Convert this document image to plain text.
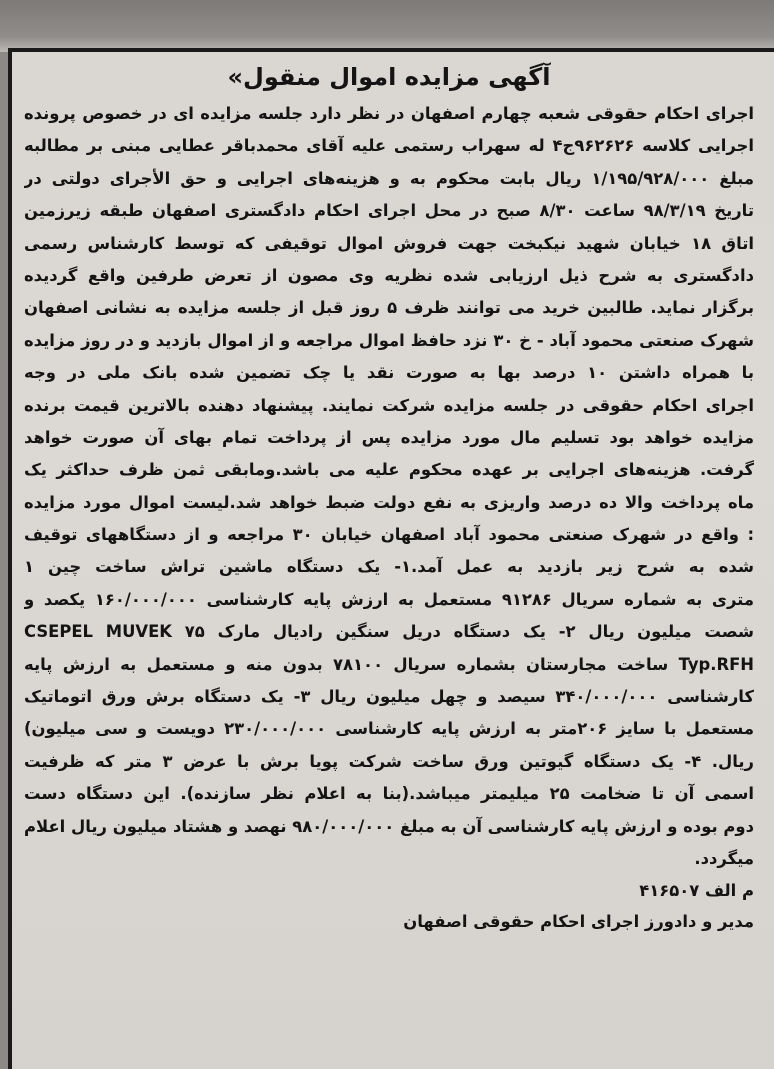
آگهی مزایده اموال منقول»
اجرای احکام حقوقی شعبه چهارم اصفهان در نظر دارد جلسه مزایده ای در خصوص پرونده
اجرایی کلاسه ۹۶۲۶۲۶ج۴ له سهراب رستمی علیه آقای محمدباقر عطایی مبنی بر مطالبه
مبلغ ۱/۱۹۵/۹۲۸/۰۰۰ ریال بابت محکوم به و هزینه‌های اجرایی و حق الأجرای دولتی در
تاریخ ۹۸/۳/۱۹ ساعت ۸/۳۰ صبح در محل اجرای احکام دادگستری اصفهان طبقه زیرزمین
اتاق ۱۸ خیابان شهید نیکبخت جهت فروش اموال توقیفی که توسط کارشناس رسمی
دادگستری به شرح ذیل ارزیابی شده نظریه وی مصون از تعرض طرفین واقع گردیده
برگزار نماید. طالبین خرید می توانند ظرف ۵ روز قبل از جلسه مزایده به نشانی اصفهان
شهرک صنعتی محمود آباد - خ ۳۰ نزد حافظ اموال مراجعه و از اموال بازدید و در روز مزایده
با همراه داشتن ۱۰ درصد بها به صورت نقد یا چک تضمین شده بانک ملی در وجه
اجرای احکام حقوقی در جلسه مزایده شرکت نمایند. پیشنهاد دهنده بالاترین قیمت برنده
مزایده خواهد بود تسلیم مال مورد مزایده پس از پرداخت تمام بهای آن صورت خواهد
گرفت. هزینه‌های اجرایی بر عهده محکوم علیه می باشد.ومابقی ثمن ظرف حداکثر یک
ماه پرداخت والا ده درصد واریزی به نفع دولت ضبط خواهد شد.لیست اموال مورد مزایده
: واقع در شهرک صنعتی محمود آباد اصفهان خیابان ۳۰ مراجعه و از دستگاههای توقیف
شده به شرح زیر بازدید به عمل آمد.۱- یک دستگاه ماشین تراش ساخت چین ۱
متری به شماره سریال ۹۱۲۸۶ مستعمل به ارزش پایه کارشناسی ۱۶۰/۰۰۰/۰۰۰ یکصد و
شصت میلیون ریال ۲- یک دستگاه دریل سنگین رادیال مارک CSEPEL MUVEK ۷۵
Typ.RFH ساخت مجارستان بشماره سریال ۷۸۱۰۰ بدون منه و مستعمل به ارزش پایه
کارشناسی ۳۴۰/۰۰۰/۰۰۰ سیصد و چهل میلیون ریال ۳- یک دستگاه برش ورق اتوماتیک
مستعمل با سایز ۲۰۶متر به ارزش پایه کارشناسی ۲۳۰/۰۰۰/۰۰۰ دویست و سی میلیون)
ریال. ۴- یک دستگاه گیوتین ورق ساخت شرکت پویا برش با عرض ۳ متر که ظرفیت
اسمی آن تا ضخامت ۲۵ میلیمتر میباشد.(بنا به اعلام نظر سازنده). این دستگاه دست
دوم بوده و ارزش پایه کارشناسی آن به مبلغ ۹۸۰/۰۰۰/۰۰۰ نهصد و هشتاد میلیون ریال اعلام
میگردد.
م الف ۴۱۶۵۰۷
مدیر و دادورز اجرای احکام حقوقی اصفهان
